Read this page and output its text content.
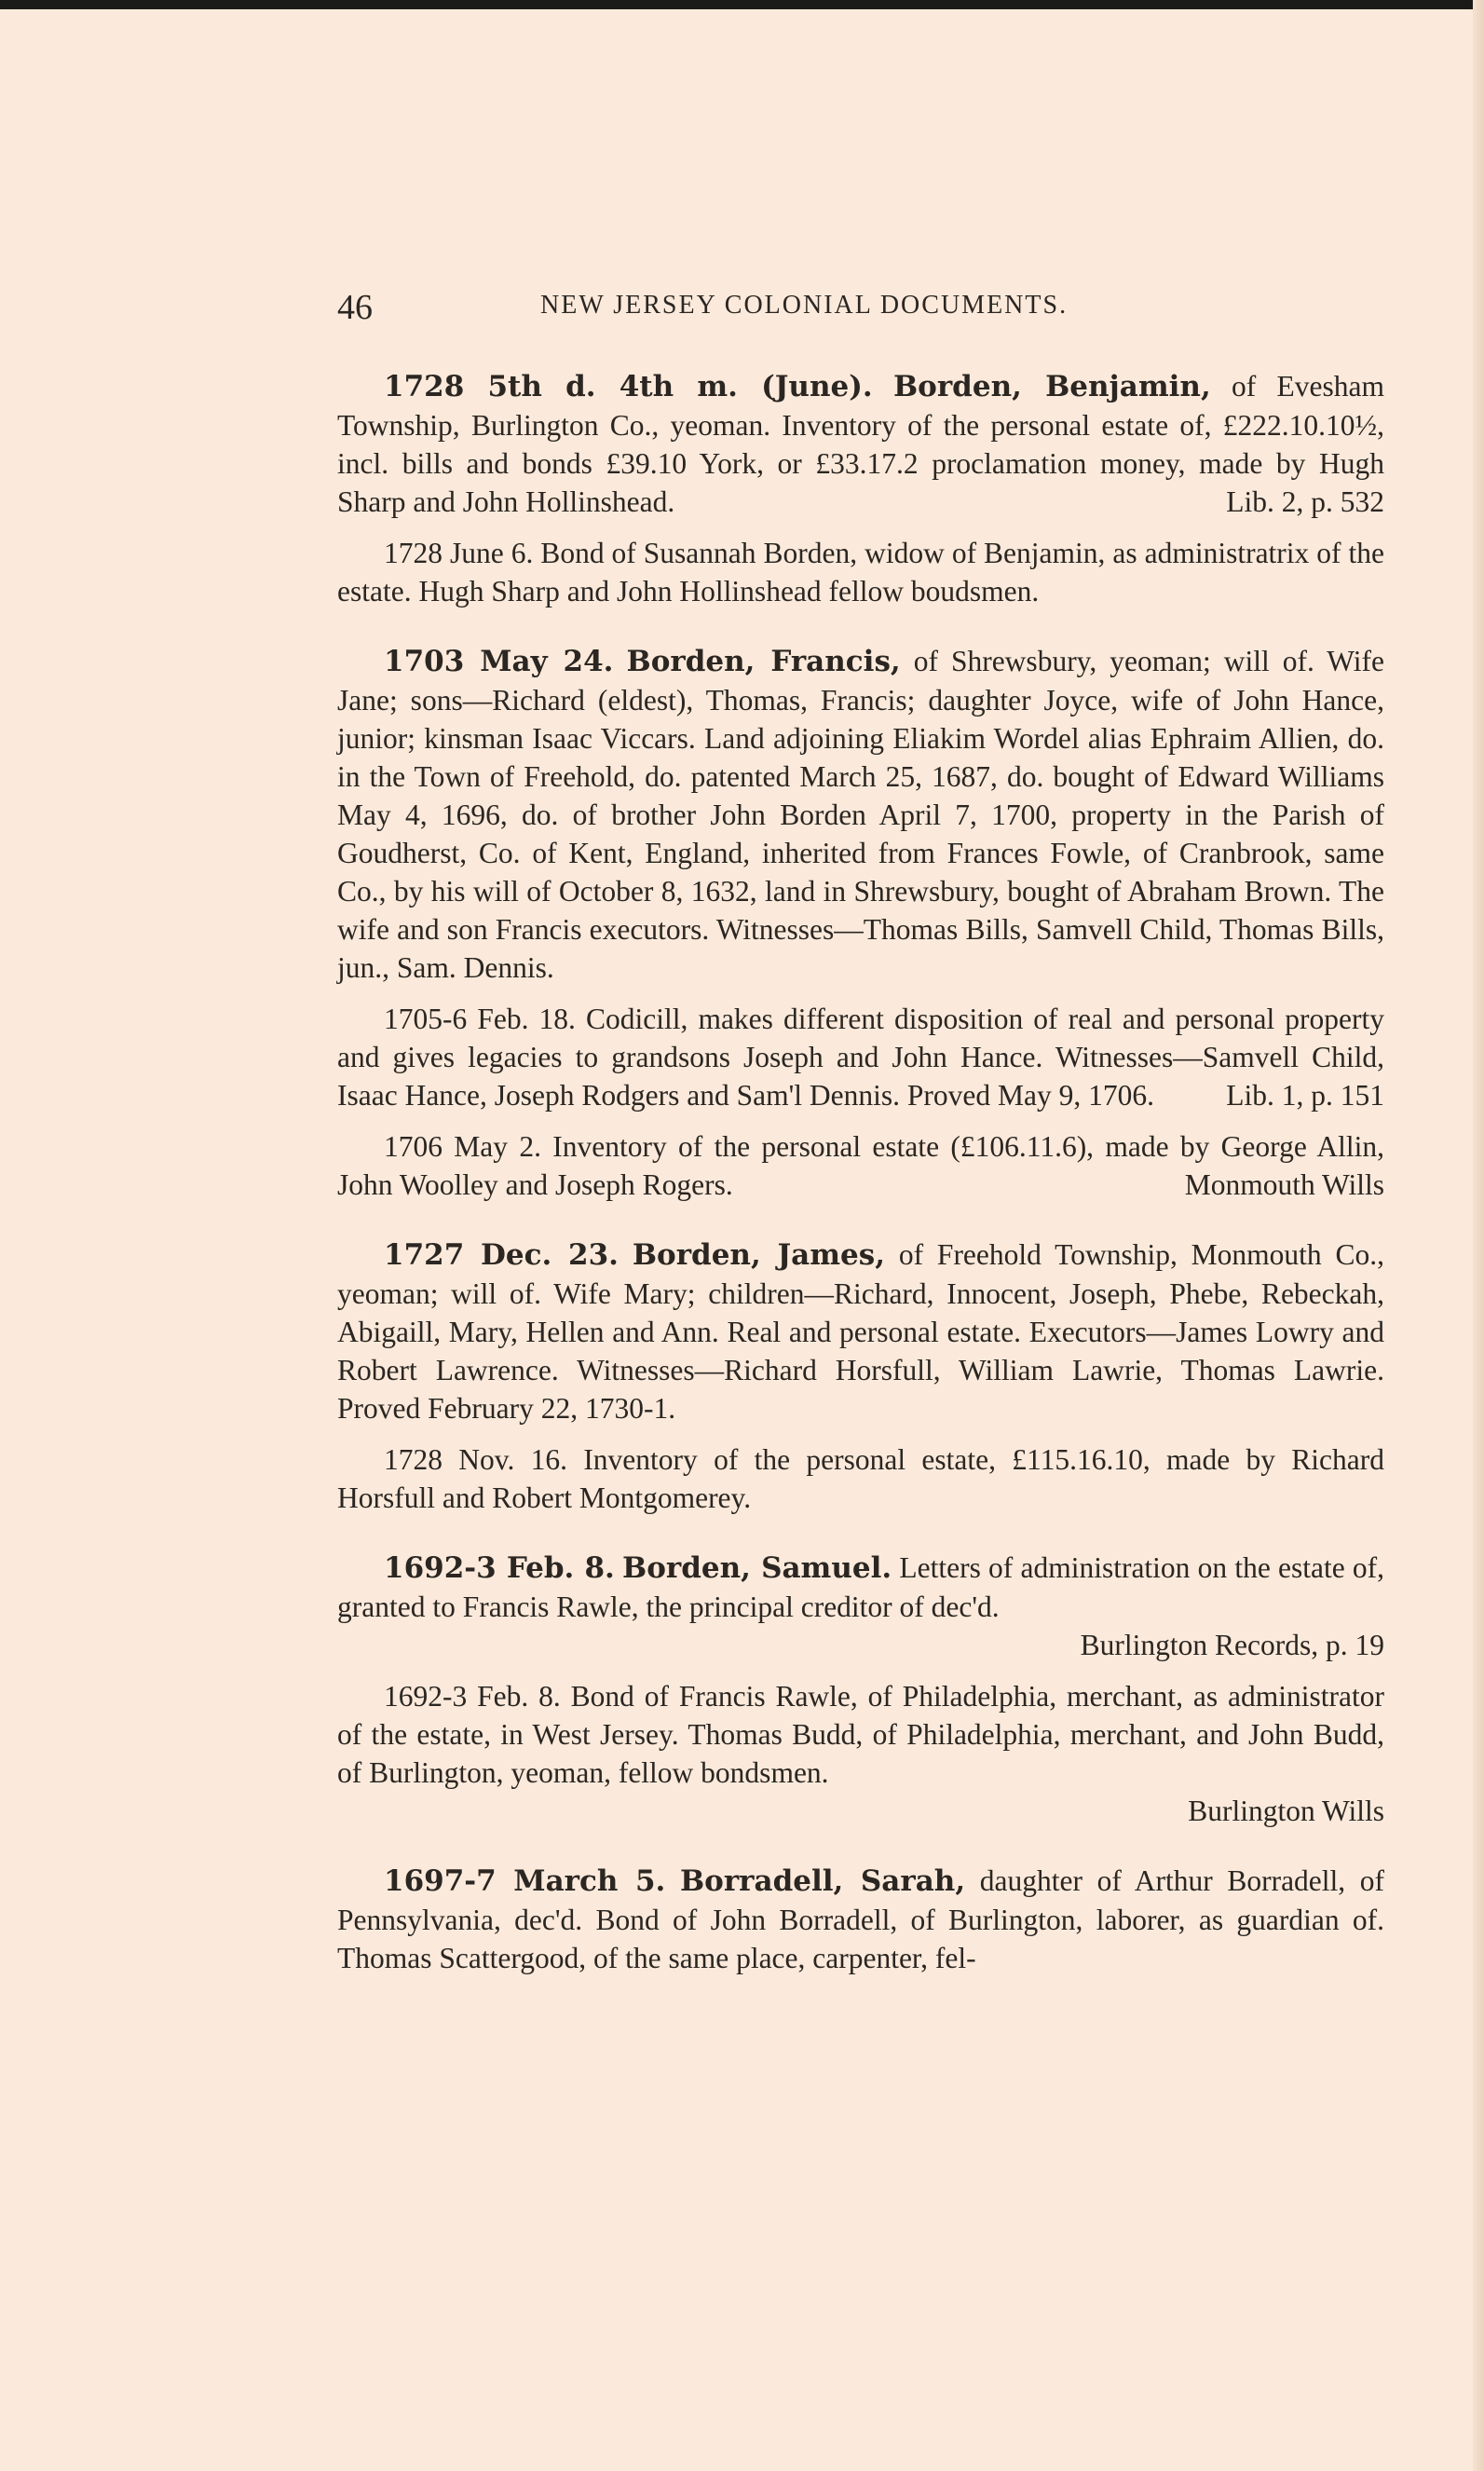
46	NEW JERSEY COLONIAL DOCUMENTS.

1728 5th d. 4th m. (June). Borden, Benjamin, of Evesham Township, Burlington Co., yeoman. Inventory of the personal estate of, £222.10.10½, incl. bills and bonds £39.10 York, or £33.17.2 proclamation money, made by Hugh Sharp and John Hollinshead.	Lib. 2, p. 532

1728 June 6. Bond of Susannah Borden, widow of Benjamin, as administratrix of the estate. Hugh Sharp and John Hollinshead fellow boudsmen.

1703 May 24. Borden, Francis, of Shrewsbury, yeoman; will of. Wife Jane; sons—Richard (eldest), Thomas, Francis; daughter Joyce, wife of John Hance, junior; kinsman Isaac Viccars. Land adjoining Eliakim Wordel alias Ephraim Allien, do. in the Town of Freehold, do. patented March 25, 1687, do. bought of Edward Williams May 4, 1696, do. of brother John Borden April 7, 1700, property in the Parish of Goudherst, Co. of Kent, England, inherited from Frances Fowle, of Cranbrook, same Co., by his will of October 8, 1632, land in Shrewsbury, bought of Abraham Brown. The wife and son Francis executors. Witnesses—Thomas Bills, Samvell Child, Thomas Bills, jun., Sam. Dennis.

1705-6 Feb. 18. Codicill, makes different disposition of real and personal property and gives legacies to grandsons Joseph and John Hance. Witnesses—Samvell Child, Isaac Hance, Joseph Rodgers and Sam'l Dennis. Proved May 9, 1706.	Lib. 1, p. 151

1706 May 2. Inventory of the personal estate (£106.11.6), made by George Allin, John Woolley and Joseph Rogers.	Monmouth Wills

1727 Dec. 23. Borden, James, of Freehold Township, Monmouth Co., yeoman; will of. Wife Mary; children—Richard, Innocent, Joseph, Phebe, Rebeckah, Abigaill, Mary, Hellen and Ann. Real and personal estate. Executors—James Lowry and Robert Lawrence. Witnesses—Richard Horsfull, William Lawrie, Thomas Lawrie. Proved February 22, 1730-1.

1728 Nov. 16. Inventory of the personal estate, £115.16.10, made by Richard Horsfull and Robert Montgomerey.

1692-3 Feb. 8. Borden, Samuel. Letters of administration on the estate of, granted to Francis Rawle, the principal creditor of dec'd.

Burlington Records, p. 19

1692-3 Feb. 8. Bond of Francis Rawle, of Philadelphia, merchant, as administrator of the estate, in West Jersey. Thomas Budd, of Philadelphia, merchant, and John Budd, of Burlington, yeoman, fellow bondsmen.

Burlington Wills

1697-7 March 5. Borradell, Sarah, daughter of Arthur Borradell, of Pennsylvania, dec'd. Bond of John Borradell, of Burlington, laborer, as guardian of. Thomas Scattergood, of the same place, carpenter, fel-
